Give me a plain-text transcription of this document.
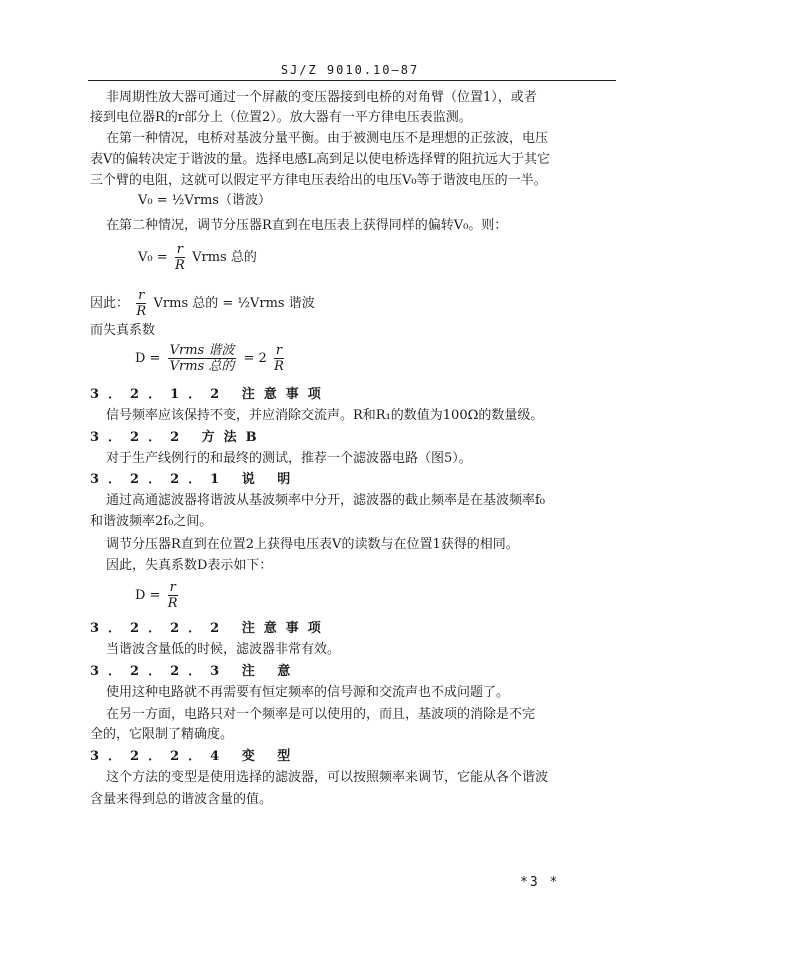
SJ/Z 9010.10—87
非周期性放大器可通过一个屏蔽的变压器接到电桥的对角臂（位置1），或者
接到电位器R的r部分上（位置2）。放大器有一平方律电压表监测。
在第一种情况，电桥对基波分量平衡。由于被测电压不是理想的正弦波，电压
表V的偏转决定于谐波的量。选择电感L高到足以使电桥选择臂的阻抗远大于其它
三个臂的电阻，这就可以假定平方律电压表给出的电压V₀等于谐波电压的一半。
V₀ = ½Vrms（谐波）
在第二种情况，调节分压器R直到在电压表上获得同样的偏转V₀。则：
$V_0 = \frac{r}{R}$ Vrms 总的
因此： $\frac{r}{R}$ Vrms 总的 = ½Vrms 谐波
而失真系数
$D = \frac{\text{Vrms 谐波}}{\text{Vrms 总的}} = 2 \frac{r}{R}$
3．2．1．2 注意事项
信号频率应该保持不变，并应消除交流声。R和R₁的数值为100Ω的数量级。
3．2．2 方法B
对于生产线例行的和最终的测试，推荐一个滤波器电路（图5）。
3．2．2．1 说 明
通过高通滤波器将谐波从基波频率中分开，滤波器的截止频率是在基波频率f₀
和谐波频率2f₀之间。
调节分压器R直到在位置2上获得电压表V的读数与在位置1获得的相同。
因此，失真系数D表示如下：
$D = \frac{r}{R}$
3．2．2．2 注意事项
当谐波含量低的时候，滤波器非常有效。
3．2．2．3 注 意
使用这种电路就不再需要有恒定频率的信号源和交流声也不成问题了。
在另一方面，电路只对一个频率是可以使用的，而且，基波项的消除是不完
全的，它限制了精确度。
3．2．2．4 变 型
这个方法的变型是使用选择的滤波器，可以按照频率来调节，它能从各个谐波
含量来得到总的谐波含量的值。
*3 *
